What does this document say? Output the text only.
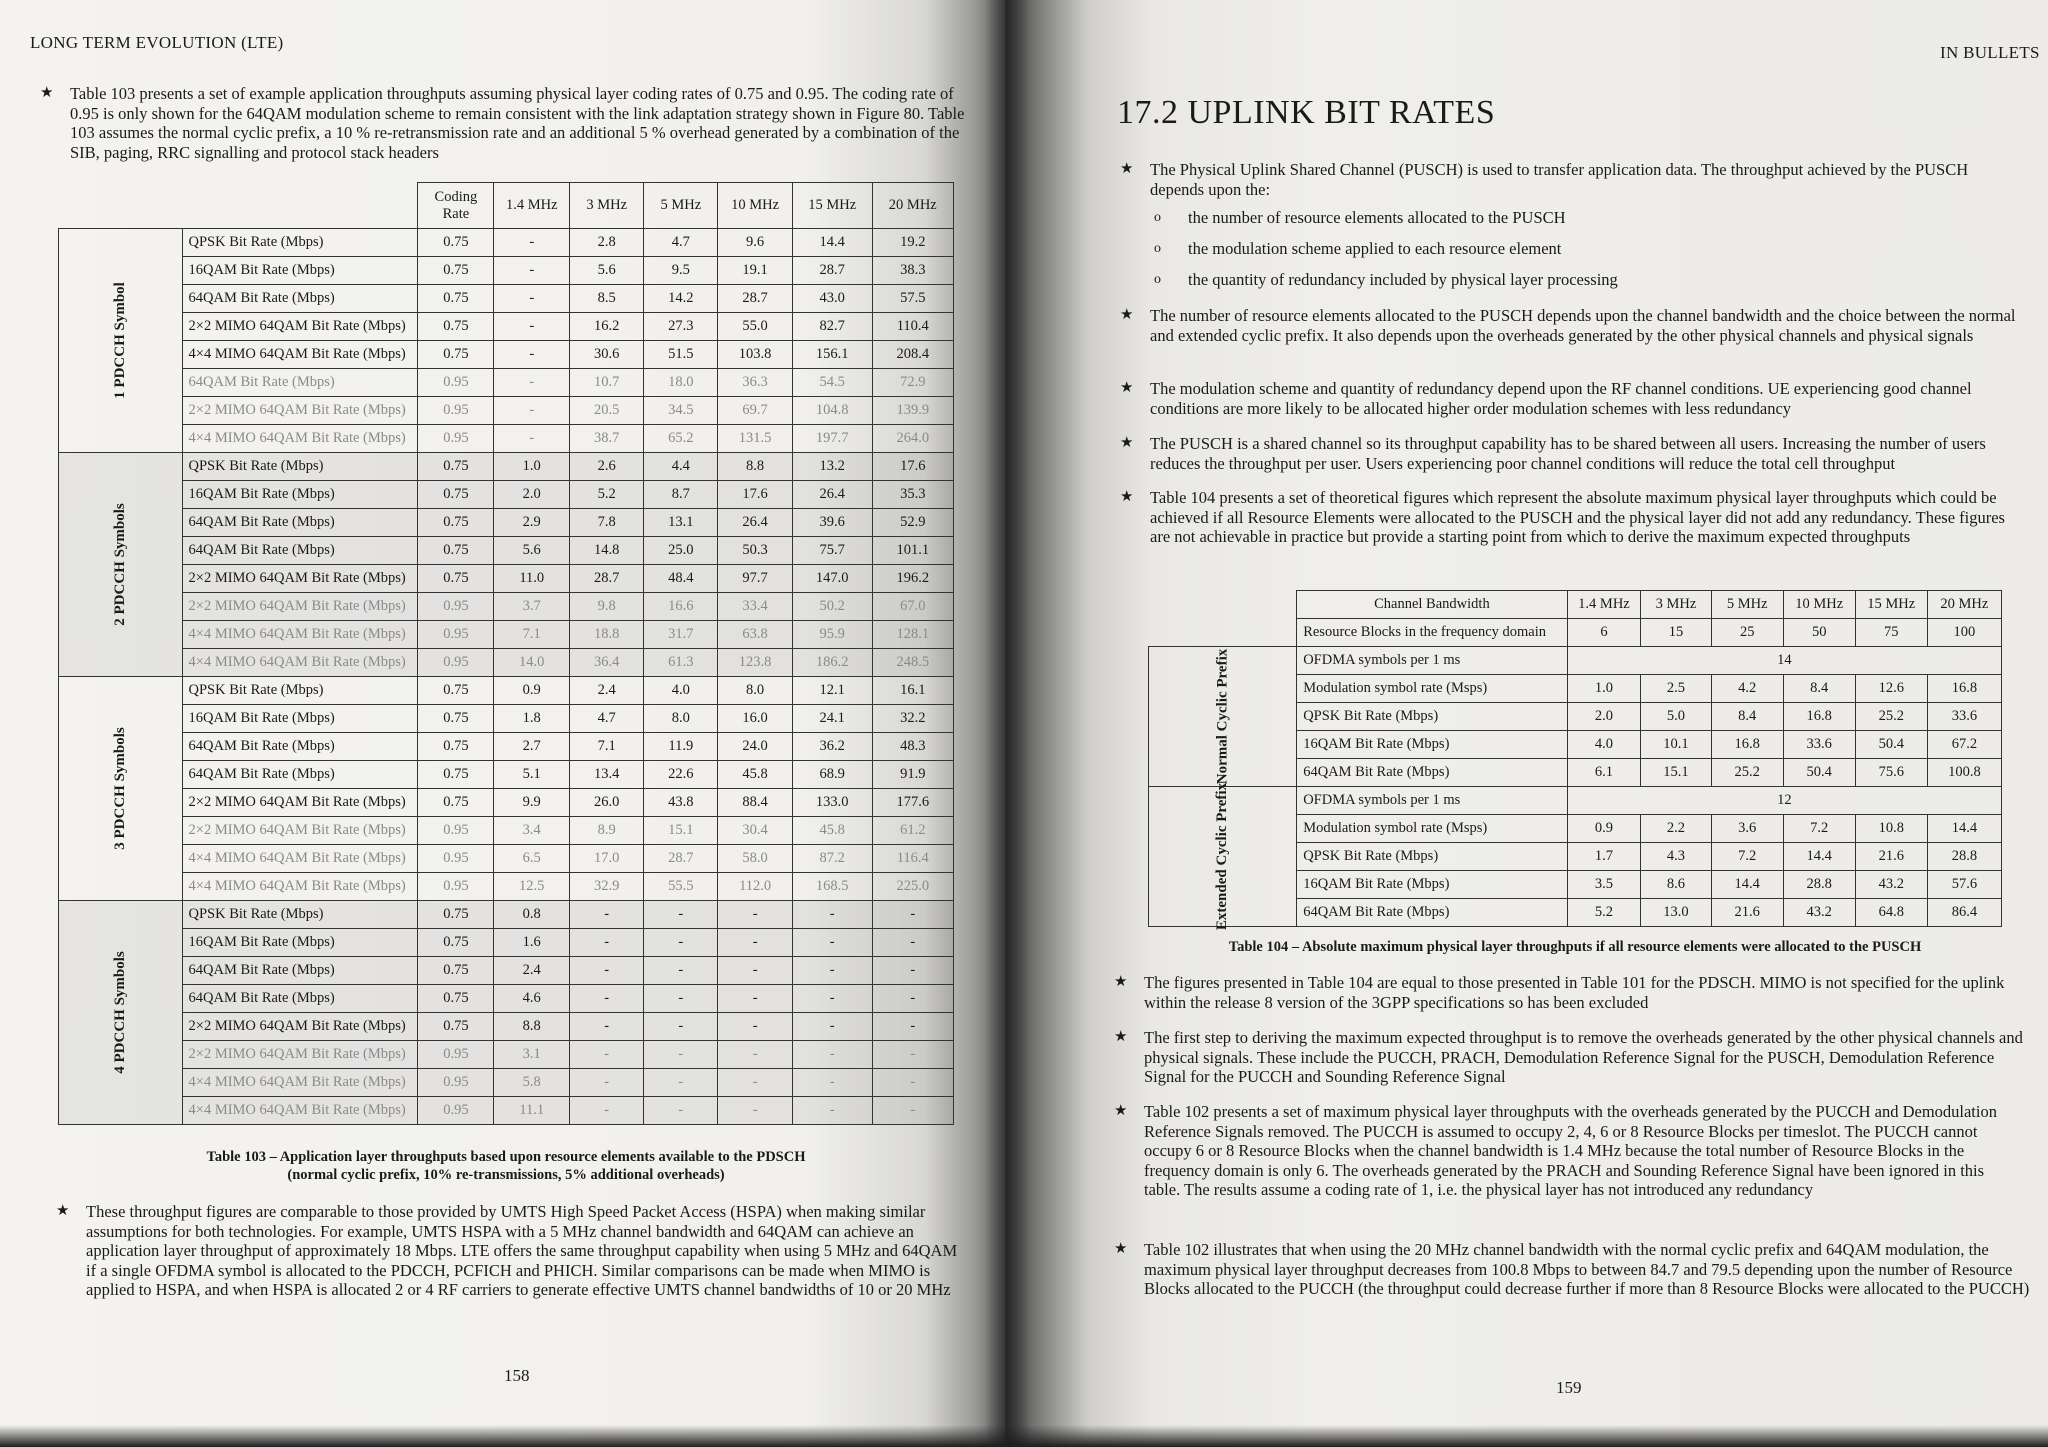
LONG TERM EVOLUTION (LTE)
★ Table 103 presents a set of example application throughputs assuming physical layer coding rates of 0.75 and 0.95. The coding rate of 0.95 is only shown for the 64QAM modulation scheme to remain consistent with the link adaptation strategy shown in Figure 80. Table 103 assumes the normal cyclic prefix, a 10 % re-retransmission rate and an additional 5 % overhead generated by a combination of the SIB, paging, RRC signalling and protocol stack headers
		Coding Rate	1.4 MHz	3 MHz	5 MHz	10 MHz	15 MHz	20 MHz
1 PDCCH Symbol	QPSK Bit Rate (Mbps)	0.75	-	2.8	4.7	9.6	14.4	19.2
	16QAM Bit Rate (Mbps)	0.75	-	5.6	9.5	19.1	28.7	38.3
	64QAM Bit Rate (Mbps)	0.75	-	8.5	14.2	28.7	43.0	57.5
	2×2 MIMO 64QAM Bit Rate (Mbps)	0.75	-	16.2	27.3	55.0	82.7	110.4
	4×4 MIMO 64QAM Bit Rate (Mbps)	0.75	-	30.6	51.5	103.8	156.1	208.4
	64QAM Bit Rate (Mbps)	0.95	-	10.7	18.0	36.3	54.5	72.9
	2×2 MIMO 64QAM Bit Rate (Mbps)	0.95	-	20.5	34.5	69.7	104.8	139.9
	4×4 MIMO 64QAM Bit Rate (Mbps)	0.95	-	38.7	65.2	131.5	197.7	264.0
2 PDCCH Symbols	QPSK Bit Rate (Mbps)	0.75	1.0	2.6	4.4	8.8	13.2	17.6
	16QAM Bit Rate (Mbps)	0.75	2.0	5.2	8.7	17.6	26.4	35.3
	64QAM Bit Rate (Mbps)	0.75	2.9	7.8	13.1	26.4	39.6	52.9
	64QAM Bit Rate (Mbps)	0.75	5.6	14.8	25.0	50.3	75.7	101.1
	2×2 MIMO 64QAM Bit Rate (Mbps)	0.75	11.0	28.7	48.4	97.7	147.0	196.2
	2×2 MIMO 64QAM Bit Rate (Mbps)	0.95	3.7	9.8	16.6	33.4	50.2	67.0
	4×4 MIMO 64QAM Bit Rate (Mbps)	0.95	7.1	18.8	31.7	63.8	95.9	128.1
	4×4 MIMO 64QAM Bit Rate (Mbps)	0.95	14.0	36.4	61.3	123.8	186.2	248.5
3 PDCCH Symbols	QPSK Bit Rate (Mbps)	0.75	0.9	2.4	4.0	8.0	12.1	16.1
	16QAM Bit Rate (Mbps)	0.75	1.8	4.7	8.0	16.0	24.1	32.2
	64QAM Bit Rate (Mbps)	0.75	2.7	7.1	11.9	24.0	36.2	48.3
	64QAM Bit Rate (Mbps)	0.75	5.1	13.4	22.6	45.8	68.9	91.9
	2×2 MIMO 64QAM Bit Rate (Mbps)	0.75	9.9	26.0	43.8	88.4	133.0	177.6
	2×2 MIMO 64QAM Bit Rate (Mbps)	0.95	3.4	8.9	15.1	30.4	45.8	61.2
	4×4 MIMO 64QAM Bit Rate (Mbps)	0.95	6.5	17.0	28.7	58.0	87.2	116.4
	4×4 MIMO 64QAM Bit Rate (Mbps)	0.95	12.5	32.9	55.5	112.0	168.5	225.0
4 PDCCH Symbols	QPSK Bit Rate (Mbps)	0.75	0.8	-	-	-	-	-
	16QAM Bit Rate (Mbps)	0.75	1.6	-	-	-	-	-
	64QAM Bit Rate (Mbps)	0.75	2.4	-	-	-	-	-
	64QAM Bit Rate (Mbps)	0.75	4.6	-	-	-	-	-
	2×2 MIMO 64QAM Bit Rate (Mbps)	0.75	8.8	-	-	-	-	-
	2×2 MIMO 64QAM Bit Rate (Mbps)	0.95	3.1	-	-	-	-	-
	4×4 MIMO 64QAM Bit Rate (Mbps)	0.95	5.8	-	-	-	-	-
	4×4 MIMO 64QAM Bit Rate (Mbps)	0.95	11.1	-	-	-	-	-
Table 103 – Application layer throughputs based upon resource elements available to the PDSCH
(normal cyclic prefix, 10% re-transmissions, 5% additional overheads)
★ These throughput figures are comparable to those provided by UMTS High Speed Packet Access (HSPA) when making similar assumptions for both technologies. For example, UMTS HSPA with a 5 MHz channel bandwidth and 64QAM can achieve an application layer throughput of approximately 18 Mbps. LTE offers the same throughput capability when using 5 MHz and 64QAM if a single OFDMA symbol is allocated to the PDCCH, PCFICH and PHICH. Similar comparisons can be made when MIMO is applied to HSPA, and when HSPA is allocated 2 or 4 RF carriers to generate effective UMTS channel bandwidths of 10 or 20 MHz
158
IN BULLETS
17.2 UPLINK BIT RATES
★ The Physical Uplink Shared Channel (PUSCH) is used to transfer application data. The throughput achieved by the PUSCH depends upon the:
o the number of resource elements allocated to the PUSCH
o the modulation scheme applied to each resource element
o the quantity of redundancy included by physical layer processing
★ The number of resource elements allocated to the PUSCH depends upon the channel bandwidth and the choice between the normal and extended cyclic prefix. It also depends upon the overheads generated by the other physical channels and physical signals
★ The modulation scheme and quantity of redundancy depend upon the RF channel conditions. UE experiencing good channel conditions are more likely to be allocated higher order modulation schemes with less redundancy
★ The PUSCH is a shared channel so its throughput capability has to be shared between all users. Increasing the number of users reduces the throughput per user. Users experiencing poor channel conditions will reduce the total cell throughput
★ Table 104 presents a set of theoretical figures which represent the absolute maximum physical layer throughputs which could be achieved if all Resource Elements were allocated to the PUSCH and the physical layer did not add any redundancy. These figures are not achievable in practice but provide a starting point from which to derive the maximum expected throughputs
	Channel Bandwidth	1.4 MHz	3 MHz	5 MHz	10 MHz	15 MHz	20 MHz
	Resource Blocks in the frequency domain	6	15	25	50	75	100
Normal Cyclic Prefix	OFDMA symbols per 1 ms	14					
	Modulation symbol rate (Msps)	1.0	2.5	4.2	8.4	12.6	16.8
	QPSK Bit Rate (Mbps)	2.0	5.0	8.4	16.8	25.2	33.6
	16QAM Bit Rate (Mbps)	4.0	10.1	16.8	33.6	50.4	67.2
	64QAM Bit Rate (Mbps)	6.1	15.1	25.2	50.4	75.6	100.8
Extended Cyclic Prefix	OFDMA symbols per 1 ms	12					
	Modulation symbol rate (Msps)	0.9	2.2	3.6	7.2	10.8	14.4
	QPSK Bit Rate (Mbps)	1.7	4.3	7.2	14.4	21.6	28.8
	16QAM Bit Rate (Mbps)	3.5	8.6	14.4	28.8	43.2	57.6
	64QAM Bit Rate (Mbps)	5.2	13.0	21.6	43.2	64.8	86.4
Table 104 – Absolute maximum physical layer throughputs if all resource elements were allocated to the PUSCH
★ The figures presented in Table 104 are equal to those presented in Table 101 for the PDSCH. MIMO is not specified for the uplink within the release 8 version of the 3GPP specifications so has been excluded
★ The first step to deriving the maximum expected throughput is to remove the overheads generated by the other physical channels and physical signals. These include the PUCCH, PRACH, Demodulation Reference Signal for the PUSCH, Demodulation Reference Signal for the PUCCH and Sounding Reference Signal
★ Table 102 presents a set of maximum physical layer throughputs with the overheads generated by the PUCCH and Demodulation Reference Signals removed. The PUCCH is assumed to occupy 2, 4, 6 or 8 Resource Blocks per timeslot. The PUCCH cannot occupy 6 or 8 Resource Blocks when the channel bandwidth is 1.4 MHz because the total number of Resource Blocks in the frequency domain is only 6. The overheads generated by the PRACH and Sounding Reference Signal have been ignored in this table. The results assume a coding rate of 1, i.e. the physical layer has not introduced any redundancy
★ Table 102 illustrates that when using the 20 MHz channel bandwidth with the normal cyclic prefix and 64QAM modulation, the maximum physical layer throughput decreases from 100.8 Mbps to between 84.7 and 79.5 depending upon the number of Resource Blocks allocated to the PUCCH (the throughput could decrease further if more than 8 Resource Blocks were allocated to the PUCCH)
159
